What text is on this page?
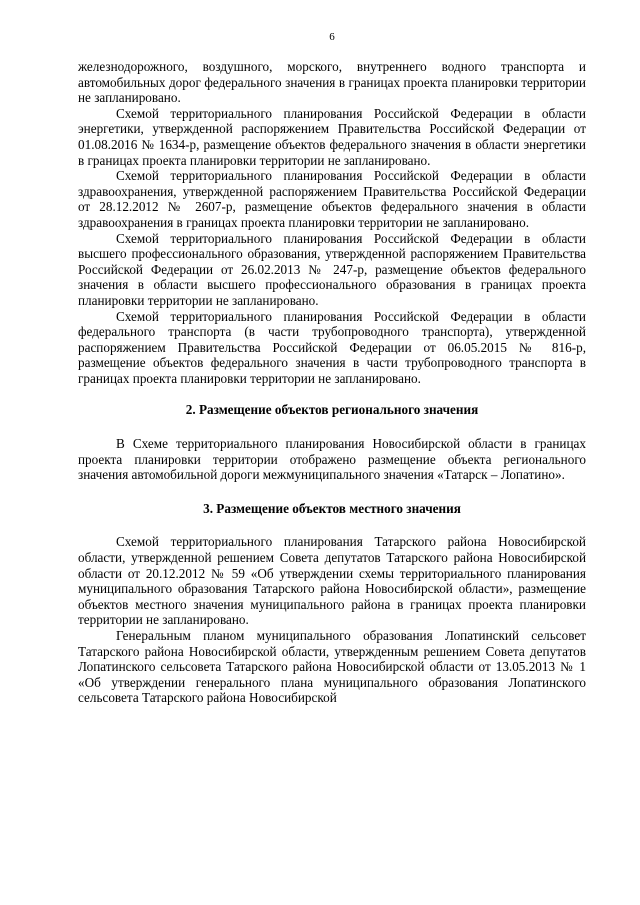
6

железнодорожного, воздушного, морского, внутреннего водного транспорта и автомобильных дорог федерального значения в границах проекта планировки территории не запланировано.

Схемой территориального планирования Российской Федерации в области энергетики, утвержденной распоряжением Правительства Российской Федерации от 01.08.2016 № 1634-р, размещение объектов федерального значения в области энергетики в границах проекта планировки территории не запланировано.

Схемой территориального планирования Российской Федерации в области здравоохранения, утвержденной распоряжением Правительства Российской Федерации от 28.12.2012 № 2607-р, размещение объектов федерального значения в области здравоохранения в границах проекта планировки территории не запланировано.

Схемой территориального планирования Российской Федерации в области высшего профессионального образования, утвержденной распоряжением Правительства Российской Федерации от 26.02.2013 № 247-р, размещение объектов федерального значения в области высшего профессионального образования в границах проекта планировки территории не запланировано.

Схемой территориального планирования Российской Федерации в области федерального транспорта (в части трубопроводного транспорта), утвержденной распоряжением Правительства Российской Федерации от 06.05.2015 № 816-р, размещение объектов федерального значения в части трубопроводного транспорта в границах проекта планировки территории не запланировано.

2. Размещение объектов регионального значения

В Схеме территориального планирования Новосибирской области в границах проекта планировки территории отображено размещение объекта регионального значения автомобильной дороги межмуниципального значения «Татарск – Лопатино».

3. Размещение объектов местного значения

Схемой территориального планирования Татарского района Новосибирской области, утвержденной решением Совета депутатов Татарского района Новосибирской области от 20.12.2012 № 59 «Об утверждении схемы территориального планирования муниципального образования Татарского района Новосибирской области», размещение объектов местного значения муниципального района в границах проекта планировки территории не запланировано.

Генеральным планом муниципального образования Лопатинский сельсовет Татарского района Новосибирской области, утвержденным решением Совета депутатов Лопатинского сельсовета Татарского района Новосибирской области от 13.05.2013 № 1 «Об утверждении генерального плана муниципального образования Лопатинского сельсовета Татарского района Новосибирской
